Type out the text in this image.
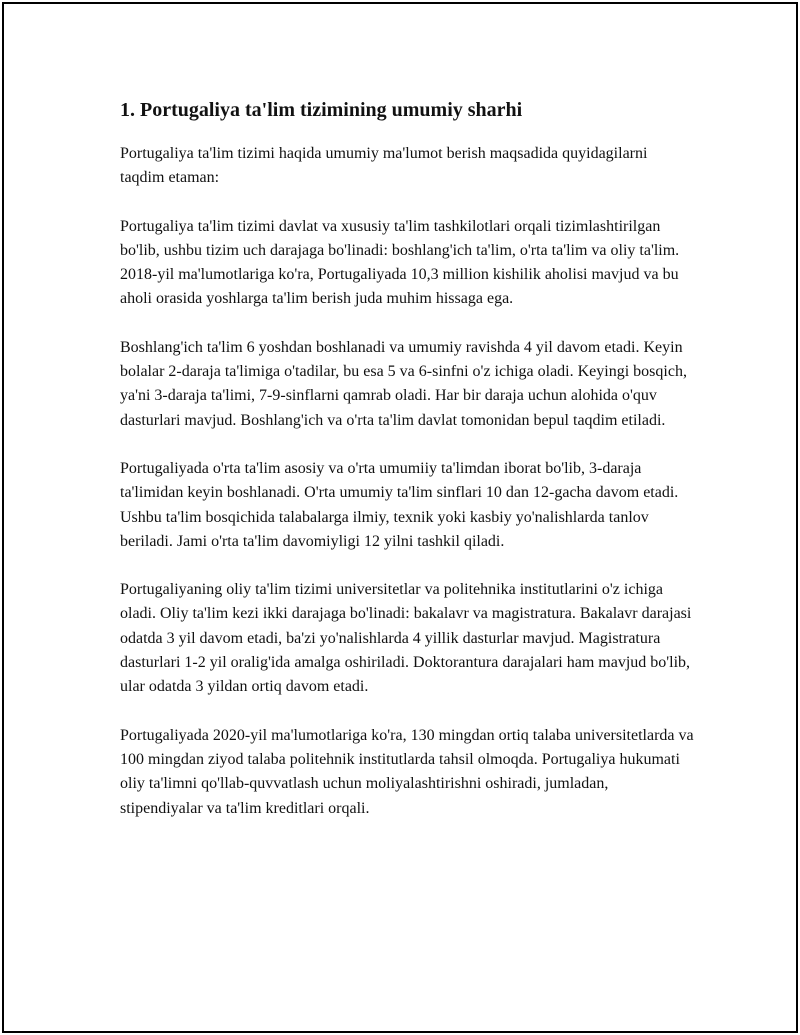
1. Portugaliya ta'lim tizimining umumiy sharhi

Portugaliya ta'lim tizimi haqida umumiy ma'lumot berish maqsadida quyidagilarni taqdim etaman:

Portugaliya ta'lim tizimi davlat va xususiy ta'lim tashkilotlari orqali tizimlashtirilgan bo'lib, ushbu tizim uch darajaga bo'linadi: boshlang'ich ta'lim, o'rta ta'lim va oliy ta'lim. 2018-yil ma'lumotlariga ko'ra, Portugaliyada 10,3 million kishilik aholisi mavjud va bu aholi orasida yoshlarga ta'lim berish juda muhim hissaga ega.

Boshlang'ich ta'lim 6 yoshdan boshlanadi va umumiy ravishda 4 yil davom etadi. Keyin bolalar 2-daraja ta'limiga o'tadilar, bu esa 5 va 6-sinfni o'z ichiga oladi. Keyingi bosqich, ya'ni 3-daraja ta'limi, 7-9-sinflarni qamrab oladi. Har bir daraja uchun alohida o'quv dasturlari mavjud. Boshlang'ich va o'rta ta'lim davlat tomonidan bepul taqdim etiladi.

Portugaliyada o'rta ta'lim asosiy va o'rta umumiiy ta'limdan iborat bo'lib, 3-daraja ta'limidan keyin boshlanadi. O'rta umumiy ta'lim sinflari 10 dan 12-gacha davom etadi. Ushbu ta'lim bosqichida talabalarga ilmiy, texnik yoki kasbiy yo'nalishlarda tanlov beriladi. Jami o'rta ta'lim davomiyligi 12 yilni tashkil qiladi.

Portugaliyaning oliy ta'lim tizimi universitetlar va politehnika institutlarini o'z ichiga oladi. Oliy ta'lim kezi ikki darajaga bo'linadi: bakalavr va magistratura. Bakalavr darajasi odatda 3 yil davom etadi, ba'zi yo'nalishlarda 4 yillik dasturlar mavjud. Magistratura dasturlari 1-2 yil oralig'ida amalga oshiriladi. Doktorantura darajalari ham mavjud bo'lib, ular odatda 3 yildan ortiq davom etadi.

Portugaliyada 2020-yil ma'lumotlariga ko'ra, 130 mingdan ortiq talaba universitetlarda va 100 mingdan ziyod talaba politehnik institutlarda tahsil olmoqda. Portugaliya hukumati oliy ta'limni qo'llab-quvvatlash uchun moliyalashtirishni oshiradi, jumladan, stipendiyalar va ta'lim kreditlari orqali.
